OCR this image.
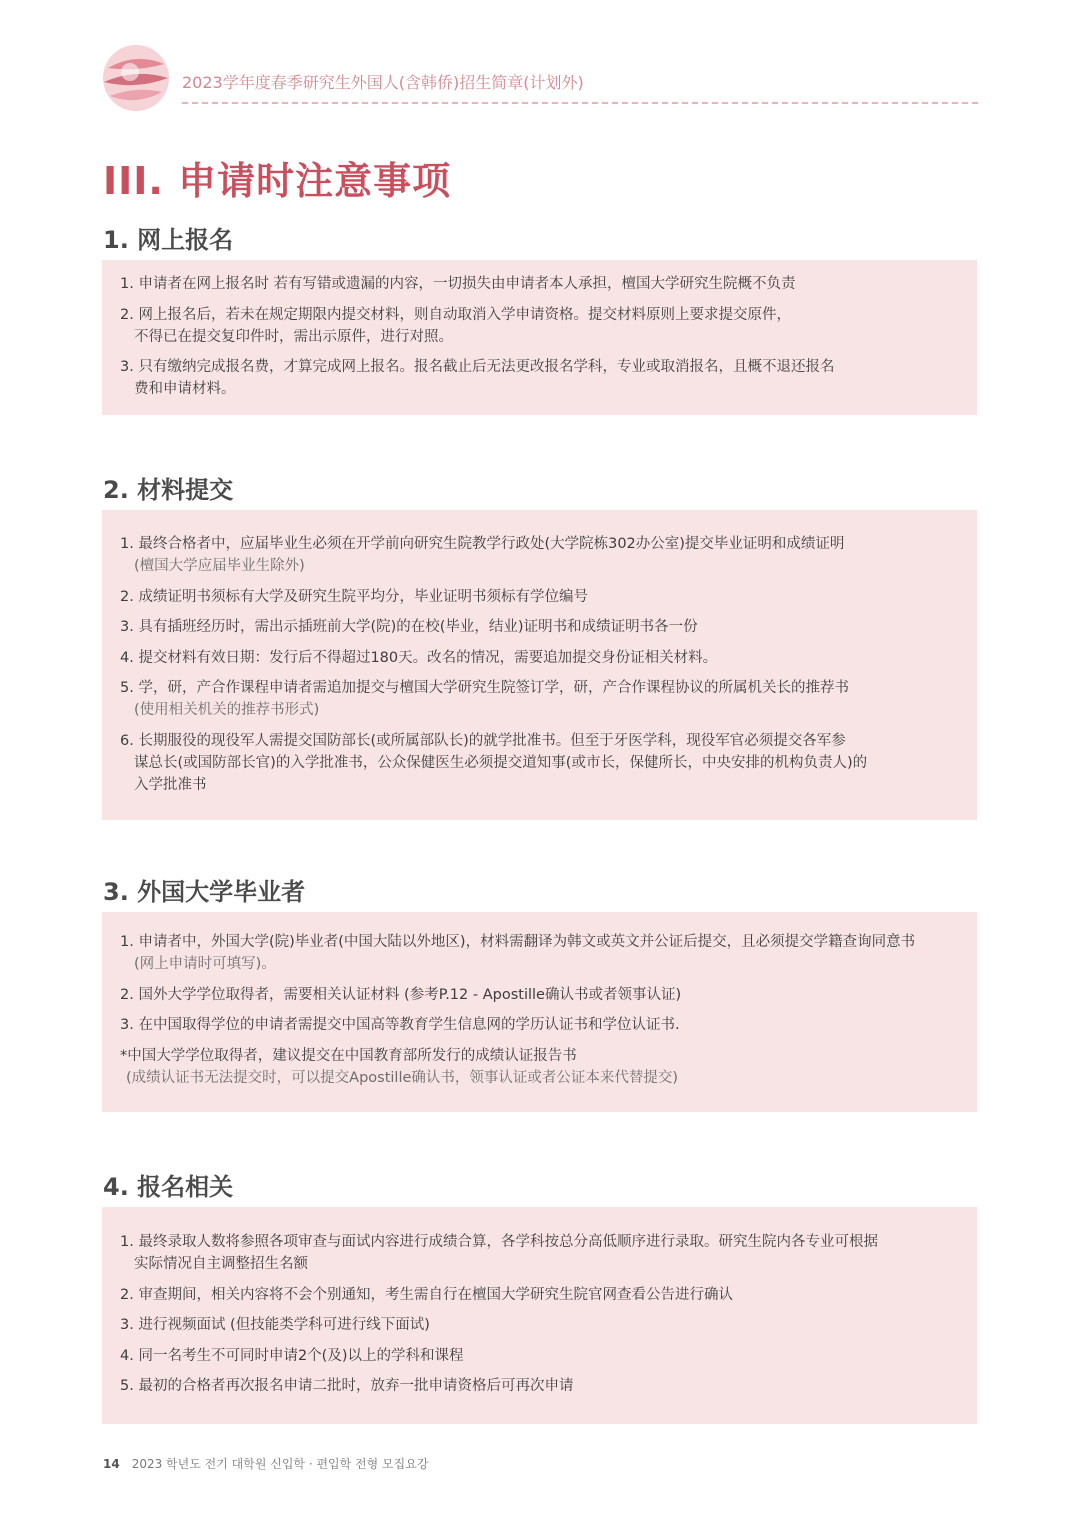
2023学年度春季研究生外国人(含韩侨)招生简章(计划外)
III. 申请时注意事项
1. 网上报名
1. 申请者在网上报名时 若有写错或遗漏的内容，一切损失由申请者本人承担，檀国大学研究生院概不负责
2. 网上报名后，若未在规定期限内提交材料，则自动取消入学申请资格。提交材料原则上要求提交原件，
不得已在提交复印件时，需出示原件，进行对照。
3. 只有缴纳完成报名费，才算完成网上报名。报名截止后无法更改报名学科，专业或取消报名，且概不退还报名
费和申请材料。
2. 材料提交
1. 最终合格者中，应届毕业生必须在开学前向研究生院教学行政处(大学院栋302办公室)提交毕业证明和成绩证明
(檀国大学应届毕业生除外)
2. 成绩证明书须标有大学及研究生院平均分，毕业证明书须标有学位编号
3. 具有插班经历时，需出示插班前大学(院)的在校(毕业，结业)证明书和成绩证明书各一份
4. 提交材料有效日期：发行后不得超过180天。改名的情况，需要追加提交身份证相关材料。
5. 学，研，产合作课程申请者需追加提交与檀国大学研究生院签订学，研，产合作课程协议的所属机关长的推荐书
(使用相关机关的推荐书形式)
6. 长期服役的现役军人需提交国防部长(或所属部队长)的就学批准书。但至于牙医学科，现役军官必须提交各军参
谋总长(或国防部长官)的入学批准书，公众保健医生必须提交道知事(或市长，保健所长，中央安排的机构负责人)的
入学批准书
3. 外国大学毕业者
1. 申请者中，外国大学(院)毕业者(中国大陆以外地区)，材料需翻译为韩文或英文并公证后提交，且必须提交学籍查询同意书
(网上申请时可填写)。
2. 国外大学学位取得者，需要相关认证材料 (参考P.12 - Apostille确认书或者领事认证)
3. 在中国取得学位的申请者需提交中国高等教育学生信息网的学历认证书和学位认证书.
*中国大学学位取得者，建议提交在中国教育部所发行的成绩认证报告书
(成绩认证书无法提交时，可以提交Apostille确认书，领事认证或者公证本来代替提交)
4. 报名相关
1. 最终录取人数将参照各项审查与面试内容进行成绩合算，各学科按总分高低顺序进行录取。研究生院内各专业可根据
实际情况自主调整招生名额
2. 审查期间，相关内容将不会个别通知，考生需自行在檀国大学研究生院官网查看公告进行确认
3. 进行视频面试 (但技能类学科可进行线下面试)
4. 同一名考生不可同时申请2个(及)以上的学科和课程
5. 最初的合格者再次报名申请二批时，放弃一批申请资格后可再次申请
14 2023 학년도 전기 대학원 신입학 · 편입학 전형 모집요강
